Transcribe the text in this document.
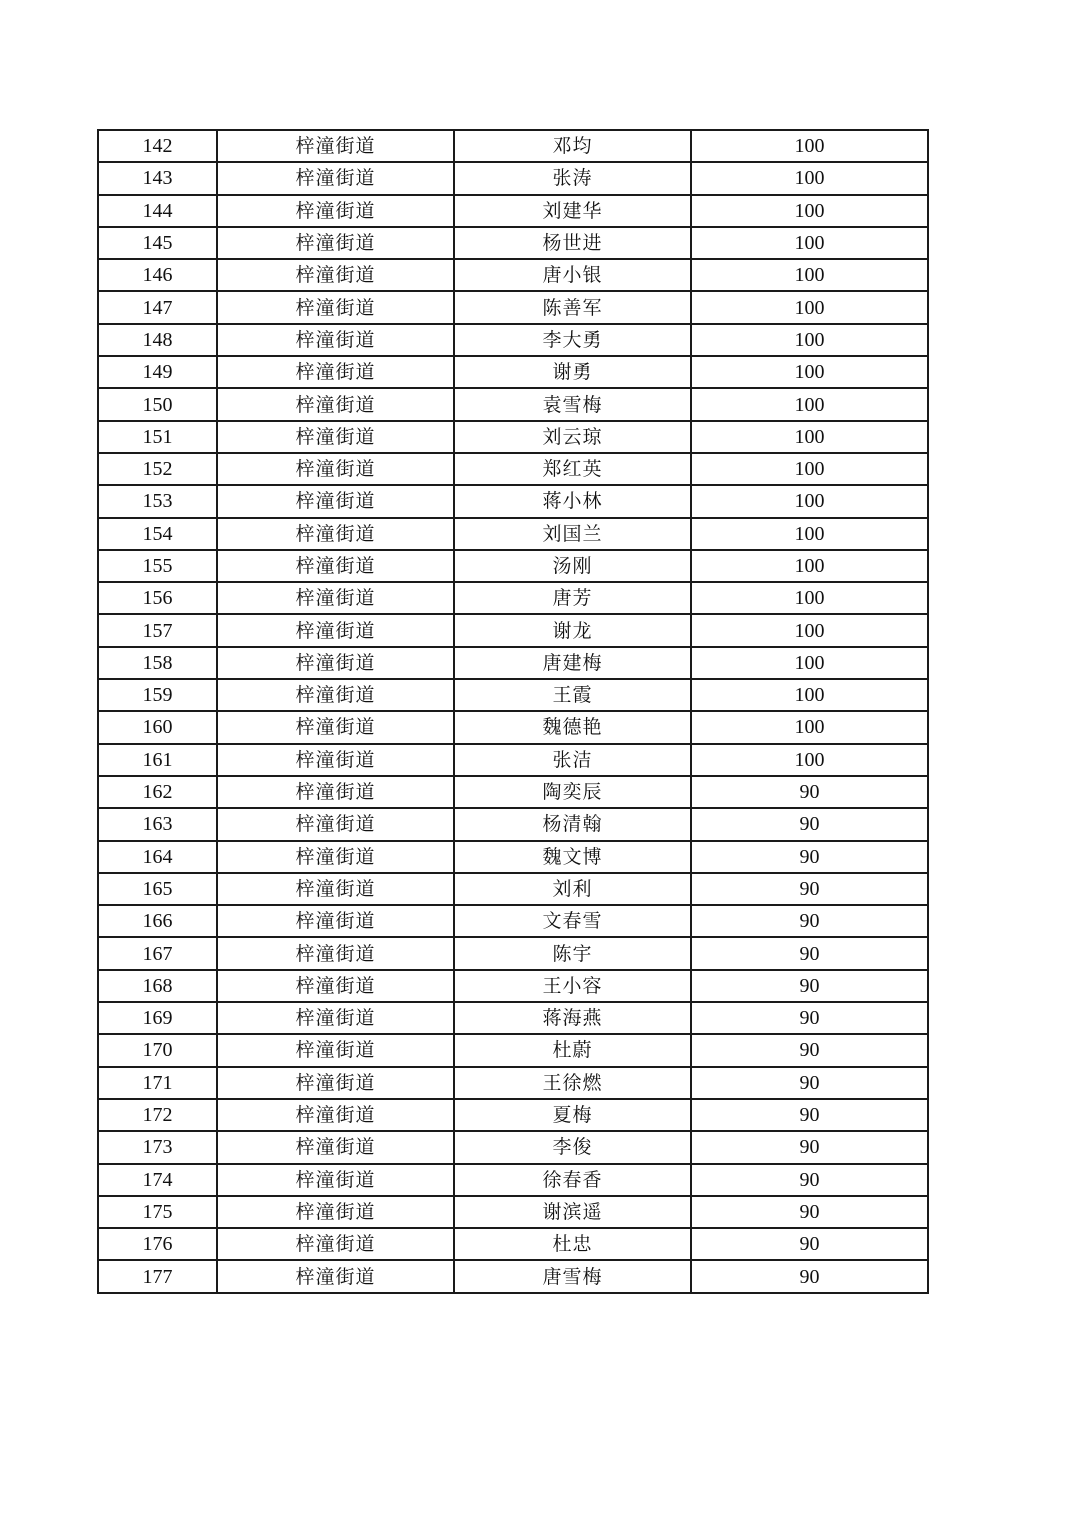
142	梓潼街道	邓均	100
143	梓潼街道	张涛	100
144	梓潼街道	刘建华	100
145	梓潼街道	杨世进	100
146	梓潼街道	唐小银	100
147	梓潼街道	陈善军	100
148	梓潼街道	李大勇	100
149	梓潼街道	谢勇	100
150	梓潼街道	袁雪梅	100
151	梓潼街道	刘云琼	100
152	梓潼街道	郑红英	100
153	梓潼街道	蒋小林	100
154	梓潼街道	刘国兰	100
155	梓潼街道	汤刚	100
156	梓潼街道	唐芳	100
157	梓潼街道	谢龙	100
158	梓潼街道	唐建梅	100
159	梓潼街道	王霞	100
160	梓潼街道	魏德艳	100
161	梓潼街道	张洁	100
162	梓潼街道	陶奕辰	90
163	梓潼街道	杨清翰	90
164	梓潼街道	魏文博	90
165	梓潼街道	刘利	90
166	梓潼街道	文春雪	90
167	梓潼街道	陈宇	90
168	梓潼街道	王小容	90
169	梓潼街道	蒋海燕	90
170	梓潼街道	杜蔚	90
171	梓潼街道	王徐燃	90
172	梓潼街道	夏梅	90
173	梓潼街道	李俊	90
174	梓潼街道	徐春香	90
175	梓潼街道	谢滨遥	90
176	梓潼街道	杜忠	90
177	梓潼街道	唐雪梅	90
